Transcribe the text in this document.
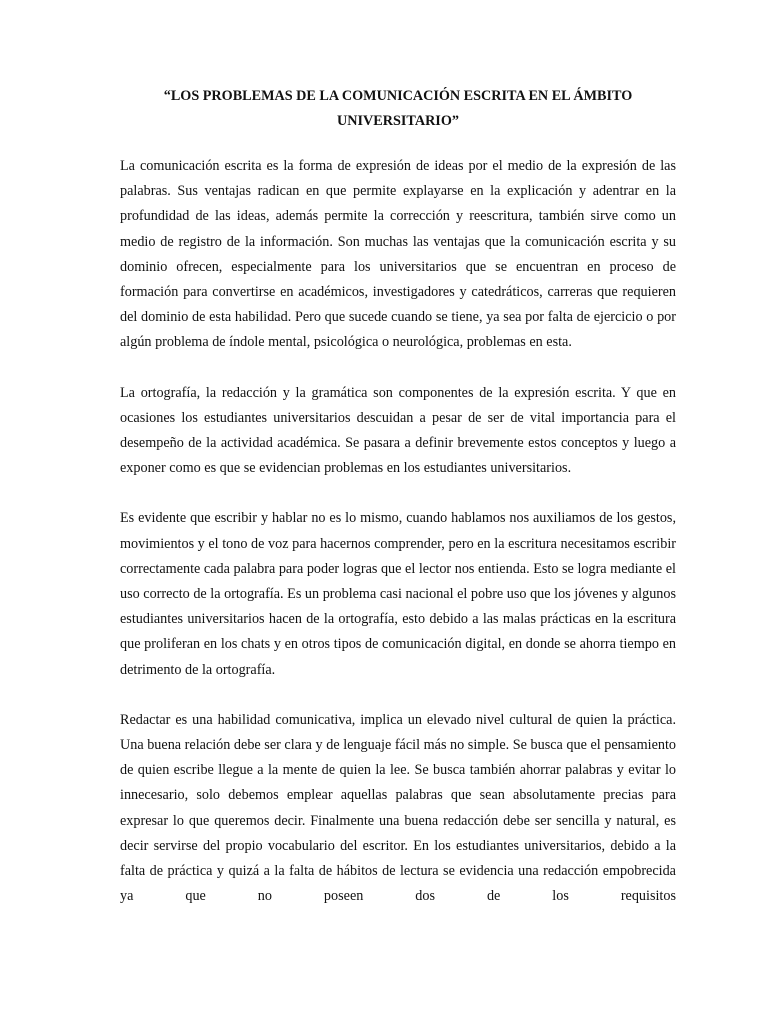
“LOS PROBLEMAS DE LA COMUNICACIÓN ESCRITA EN EL ÁMBITO UNIVERSITARIO”

La comunicación escrita es la forma de expresión de ideas por el medio de la expresión de las palabras. Sus ventajas radican en que permite explayarse en la explicación y adentrar en la profundidad de las ideas, además permite la corrección y reescritura, también sirve como un medio de registro de la información. Son muchas las ventajas que la comunicación escrita y su dominio ofrecen, especialmente para los universitarios que se encuentran en proceso de formación para convertirse en académicos, investigadores y catedráticos, carreras que requieren del dominio de esta habilidad. Pero que sucede cuando se tiene, ya sea por falta de ejercicio o por algún problema de índole mental, psicológica o neurológica, problemas en esta.

La ortografía, la redacción y la gramática son componentes de la expresión escrita. Y que en ocasiones los estudiantes universitarios descuidan a pesar de ser de vital importancia para el desempeño de la actividad académica. Se pasara a definir brevemente estos conceptos y luego a exponer como es que se evidencian problemas en los estudiantes universitarios.

Es evidente que escribir y hablar no es lo mismo, cuando hablamos nos auxiliamos de los gestos, movimientos y el tono de voz para hacernos comprender, pero en la escritura necesitamos escribir correctamente cada palabra para poder logras que el lector nos entienda. Esto se logra mediante el uso correcto de la ortografía. Es un problema casi nacional el pobre uso que los jóvenes y algunos estudiantes universitarios hacen de la ortografía, esto debido a las malas prácticas en la escritura que proliferan en los chats y en otros tipos de comunicación digital, en donde se ahorra tiempo en detrimento de la ortografía.

Redactar es una habilidad comunicativa, implica un elevado nivel cultural de quien la práctica. Una buena relación debe ser clara y de lenguaje fácil más no simple. Se busca que el pensamiento de quien escribe llegue a la mente de quien la lee. Se busca también ahorrar palabras y evitar lo innecesario, solo debemos emplear aquellas palabras que sean absolutamente precias para expresar lo que queremos decir. Finalmente una buena redacción debe ser sencilla y natural, es decir servirse del propio vocabulario del escritor. En los estudiantes universitarios, debido a la falta de práctica y quizá a la falta de hábitos de lectura se evidencia una redacción empobrecida ya que no poseen dos de los requisitos
